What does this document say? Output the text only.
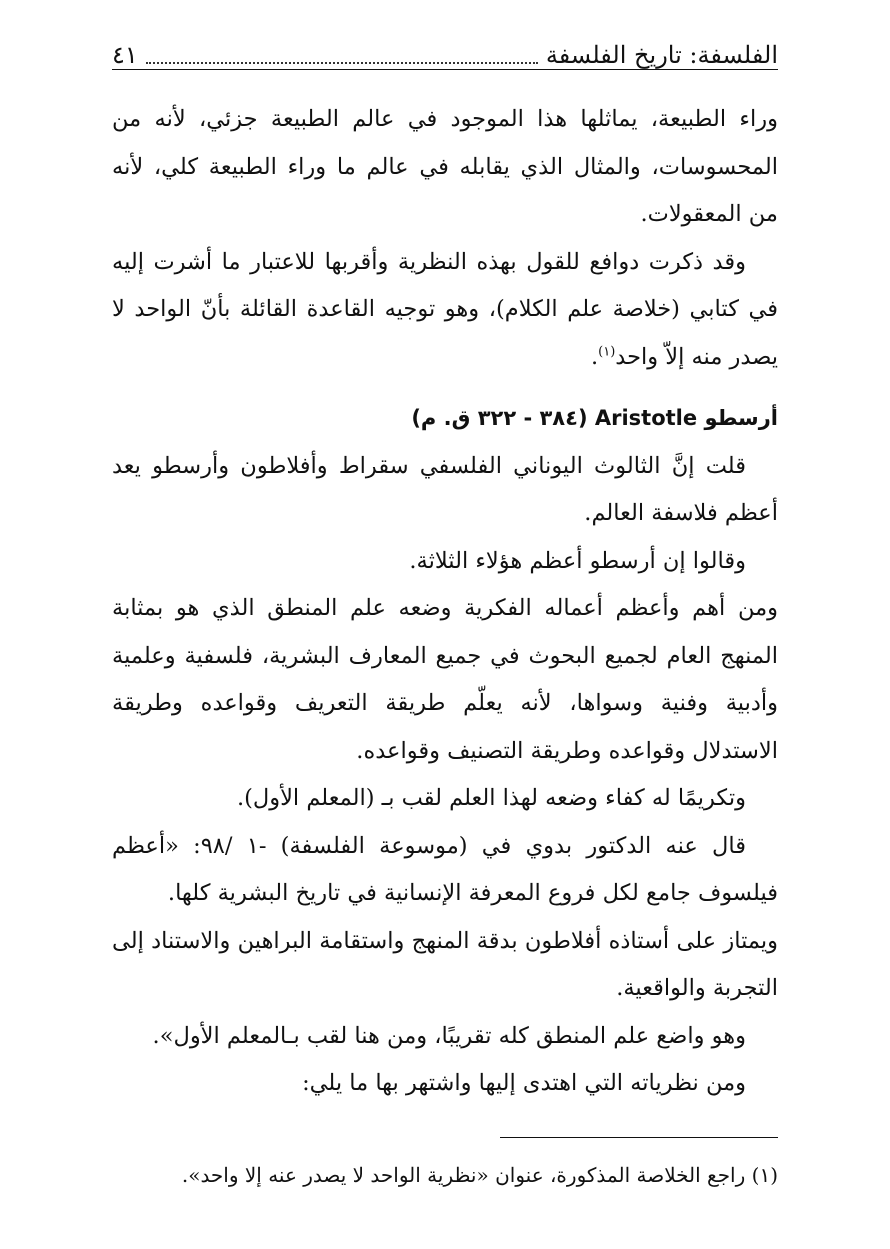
الفلسفة: تاريخ الفلسفة
٤١

وراء الطبيعة، يماثلها هذا الموجود في عالم الطبيعة جزئي، لأنه من المحسوسات، والمثال الذي يقابله في عالم ما وراء الطبيعة كلي، لأنه من المعقولات.

وقد ذكرت دوافع للقول بهذه النظرية وأقربها للاعتبار ما أشرت إليه في كتابي (خلاصة علم الكلام)، وهو توجيه القاعدة القائلة بأنّ الواحد لا يصدر منه إلاّ واحد$^{(١)}$.

أرسطو Aristotle (٣٨٤ - ٣٢٢ ق. م)

قلت إنَّ الثالوث اليوناني الفلسفي سقراط وأفلاطون وأرسطو يعد أعظم فلاسفة العالم.

وقالوا إن أرسطو أعظم هؤلاء الثلاثة.

ومن أهم وأعظم أعماله الفكرية وضعه علم المنطق الذي هو بمثابة المنهج العام لجميع البحوث في جميع المعارف البشرية، فلسفية وعلمية وأدبية وفنية وسواها، لأنه يعلّم طريقة التعريف وقواعده وطريقة الاستدلال وقواعده وطريقة التصنيف وقواعده.

وتكريمًا له كفاء وضعه لهذا العلم لقب بـ (المعلم الأول).

قال عنه الدكتور بدوي في (موسوعة الفلسفة) -١ /٩٨: «أعظم فيلسوف جامع لكل فروع المعرفة الإنسانية في تاريخ البشرية كلها.

ويمتاز على أستاذه أفلاطون بدقة المنهج واستقامة البراهين والاستناد إلى التجربة والواقعية.

وهو واضع علم المنطق كله تقريبًا، ومن هنا لقب بـالمعلم الأول».

ومن نظرياته التي اهتدى إليها واشتهر بها ما يلي:

(١) راجع الخلاصة المذكورة، عنوان «نظرية الواحد لا يصدر عنه إلا واحد».
